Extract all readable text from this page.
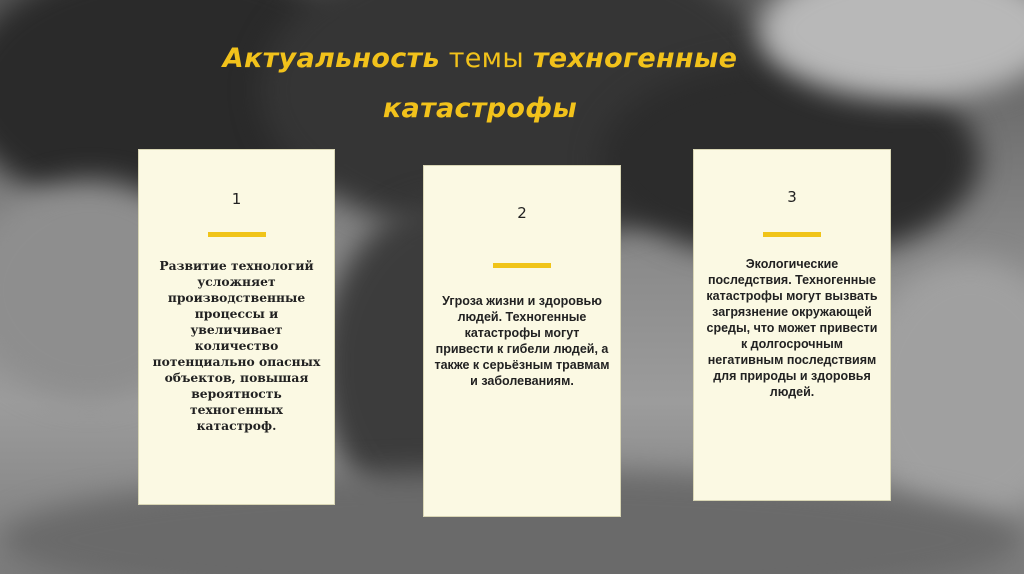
Актуальность темы техногенные
катастрофы
1
Развитие технологий усложняет производственные процессы и увеличивает количество потенциально опасных объектов, повышая вероятность техногенных катастроф.
2
Угроза жизни и здоровью людей. Техногенные катастрофы могут привести к гибели людей, а также к серьёзным травмам и заболеваниям.
3
Экологические последствия. Техногенные катастрофы могут вызвать загрязнение окружающей среды, что может привести к долгосрочным негативным последствиям для природы и здоровья людей.
